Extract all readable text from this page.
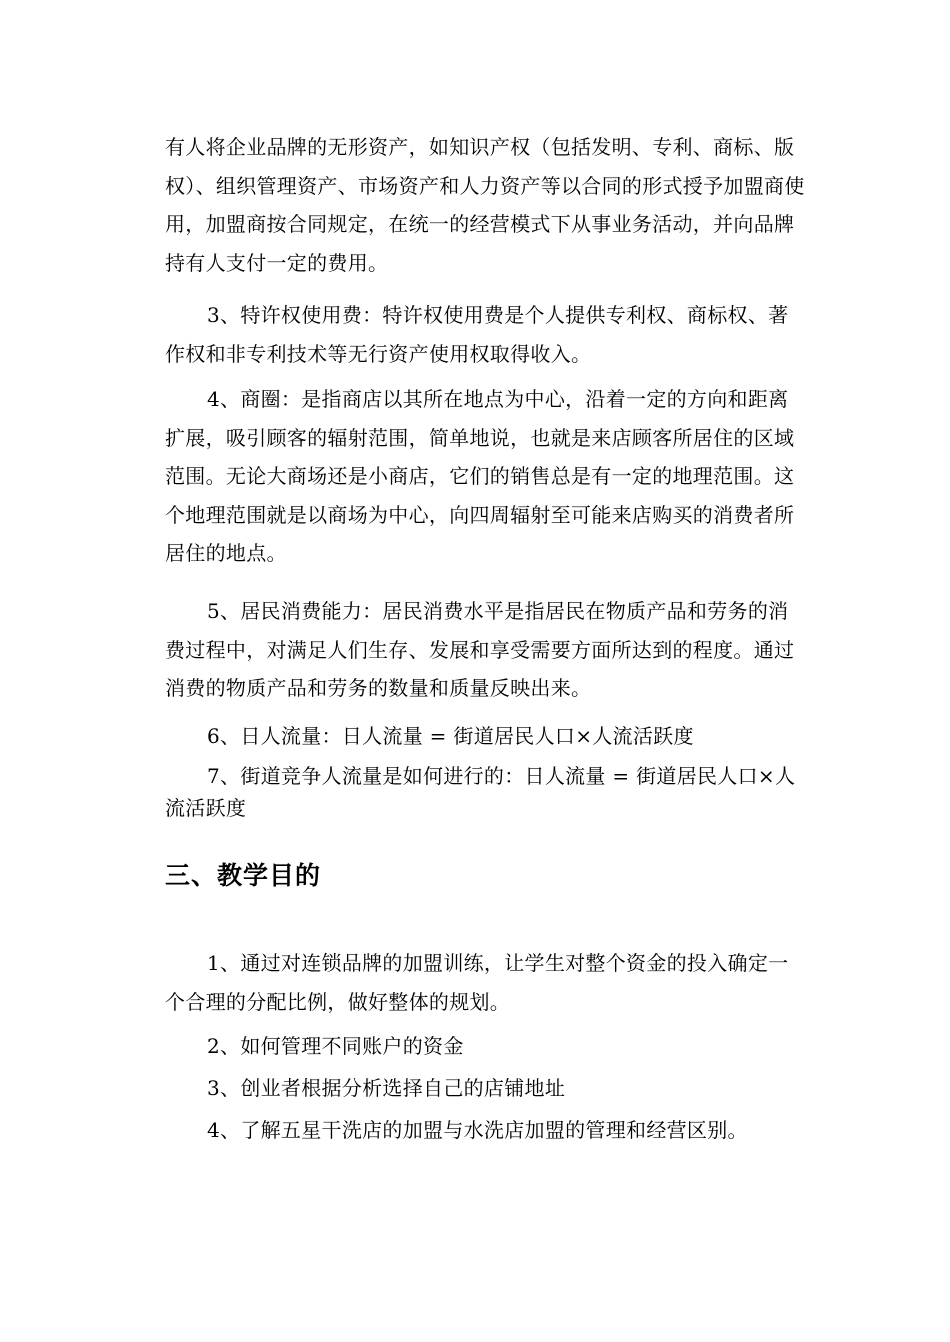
有人将企业品牌的无形资产，如知识产权（包括发明、专利、商标、版权）、组织管理资产、市场资产和人力资产等以合同的形式授予加盟商使用，加盟商按合同规定，在统一的经营模式下从事业务活动，并向品牌持有人支付一定的费用。

3、特许权使用费：特许权使用费是个人提供专利权、商标权、著作权和非专利技术等无行资产使用权取得收入。

4、商圈：是指商店以其所在地点为中心，沿着一定的方向和距离扩展，吸引顾客的辐射范围，简单地说，也就是来店顾客所居住的区域范围。无论大商场还是小商店，它们的销售总是有一定的地理范围。这个地理范围就是以商场为中心，向四周辐射至可能来店购买的消费者所居住的地点。

5、居民消费能力：居民消费水平是指居民在物质产品和劳务的消费过程中，对满足人们生存、发展和享受需要方面所达到的程度。通过消费的物质产品和劳务的数量和质量反映出来。

6、日人流量：日人流量 = 街道居民人口×人流活跃度

7、街道竞争人流量是如何进行的：日人流量 = 街道居民人口×人流活跃度

三、教学目的

1、通过对连锁品牌的加盟训练，让学生对整个资金的投入确定一个合理的分配比例，做好整体的规划。

2、如何管理不同账户的资金

3、创业者根据分析选择自己的店铺地址

4、了解五星干洗店的加盟与水洗店加盟的管理和经营区别。
